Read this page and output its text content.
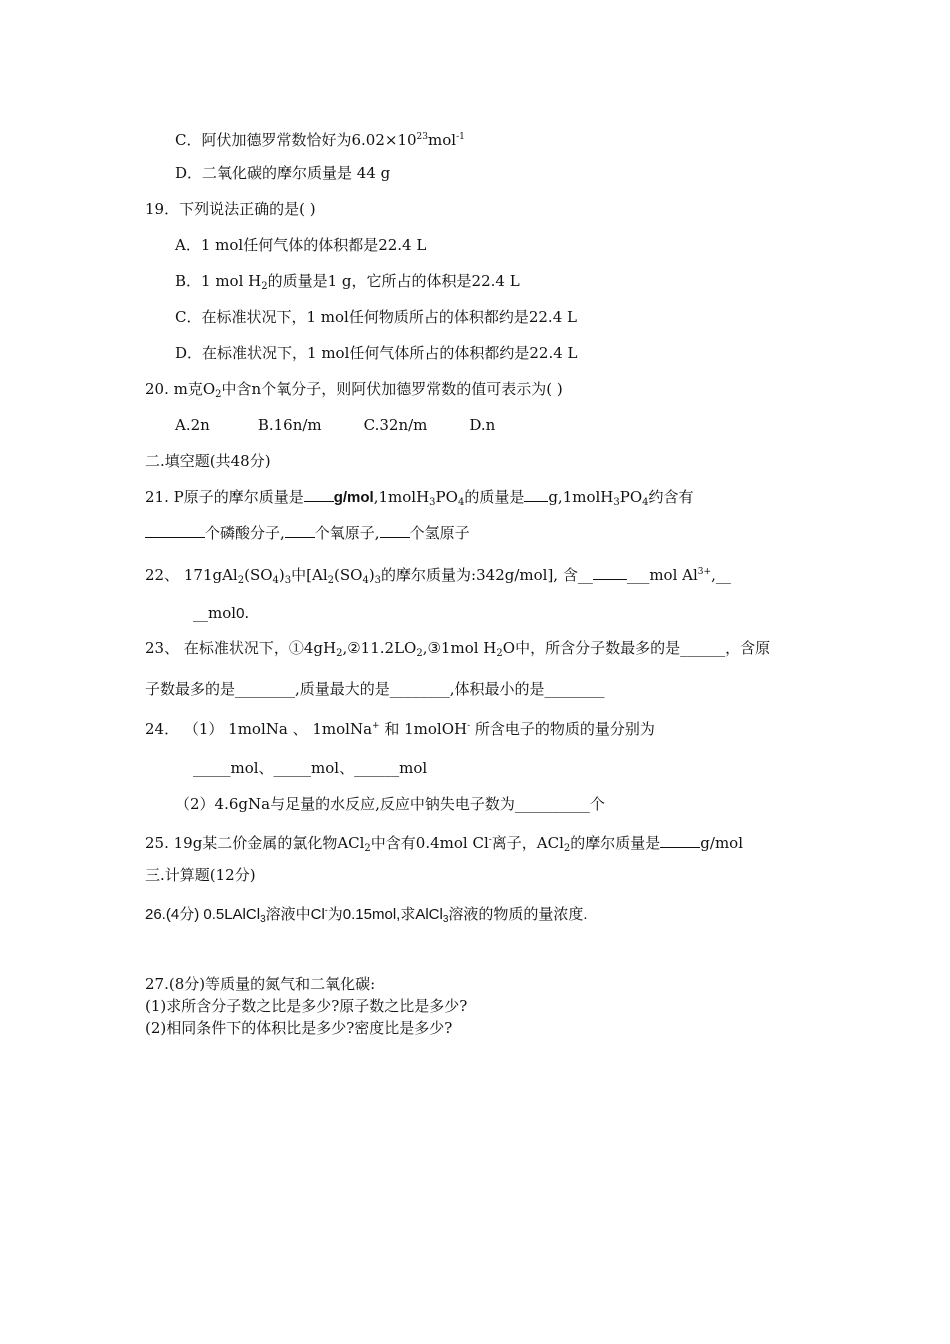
C．阿伏加德罗常数恰好为$6.02\times 10^{23}mol^{-1}$
D．二氧化碳的摩尔质量是 44 g
19．下列说法正确的是( )
A．1 mol任何气体的体积都是22.4 L
B．1 mol $H_2$的质量是1 g，它所占的体积是22.4 L
C．在标准状况下，1 mol任何物质所占的体积都约是22.4 L
D．在标准状况下，1 mol任何气体所占的体积都约是22.4 L
20. m克$O_2$中含n个氧分子，则阿伏加德罗常数的值可表示为( )
A.2n	B.16n/m	C.32n/m	D.n
二.填空题(共48分)
21. P原子的摩尔质量是 $g/mol,1molH_3PO_4$的质量是 $g,1molH_3PO_4$约含有
个磷酸分子, 个氧原子, 个氢原子
22、 $171gAl_2(SO_4)_3$中[$Al_2(SO_4)_3$的摩尔质量为:342g/mol], 含__ ___mol $Al^{3+},\_\_$
__mol0.
23、 在标准状况下，$①4gH_2,②11.2LO_2,③1mol$ $H_2O$中，所含分子数最多的是______，含原
子数最多的是________,质量最大的是________,体积最小的是________
24． （1） 1molNa 、 1molNa+ 和 1molOH- 所含电子的物质的量分别为
_____mol、_____mol、______mol
（2）4.6gNa与足量的水反应,反应中钠失电子数为__________个
25. 19g某二价金属的氯化物ACl$_2$中含有0.4mol Cl-离子，ACl$_2$的摩尔质量是	g/mol
三.计算题(12分)
26.(4分) 0.5LAlCl$_3$溶液中Cl-为0.15mol,求AlCl$_3$溶液的物质的量浓度.
27.(8分)等质量的氮气和二氧化碳:
(1)求所含分子数之比是多少?原子数之比是多少?
(2)相同条件下的体积比是多少?密度比是多少?
